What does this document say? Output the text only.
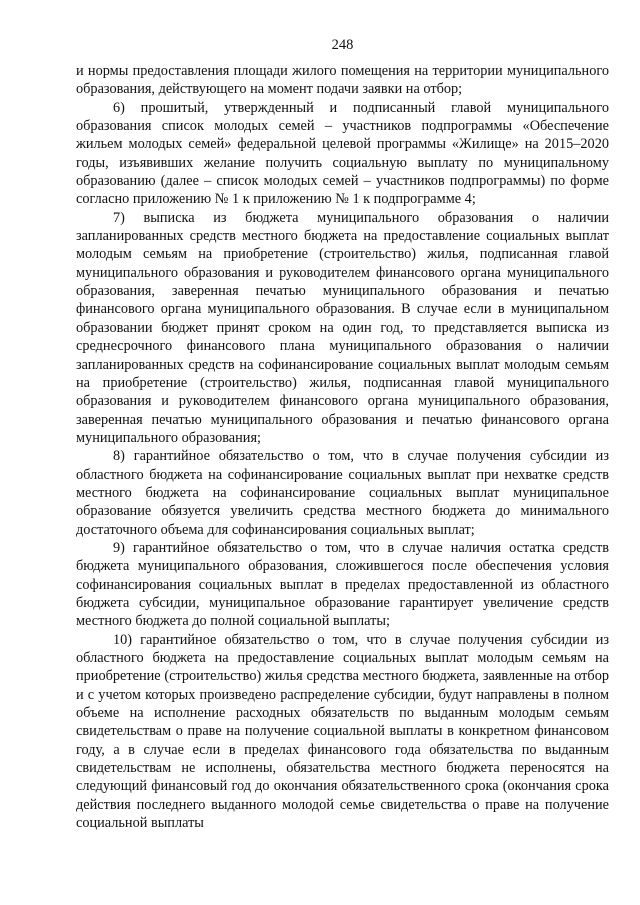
248

и нормы предоставления площади жилого помещения на территории муниципального образования, действующего на момент подачи заявки на отбор;

6) прошитый, утвержденный и подписанный главой муниципального образования список молодых семей – участников подпрограммы «Обеспечение жильем молодых семей» федеральной целевой программы «Жилище» на 2015–2020 годы, изъявивших желание получить социальную выплату по муниципальному образованию (далее – список молодых семей – участников подпрограммы) по форме согласно приложению № 1 к приложению № 1 к подпрограмме 4;

7) выписка из бюджета муниципального образования о наличии запланированных средств местного бюджета на предоставление социальных выплат молодым семьям на приобретение (строительство) жилья, подписанная главой муниципального образования и руководителем финансового органа муниципального образования, заверенная печатью муниципального образования и печатью финансового органа муниципального образования. В случае если в муниципальном образовании бюджет принят сроком на один год, то представляется выписка из среднесрочного финансового плана муниципального образования о наличии запланированных средств на софинансирование социальных выплат молодым семьям на приобретение (строительство) жилья, подписанная главой муниципального образования и руководителем финансового органа муниципального образования, заверенная печатью муниципального образования и печатью финансового органа муниципального образования;

8) гарантийное обязательство о том, что в случае получения субсидии из областного бюджета на софинансирование социальных выплат при нехватке средств местного бюджета на софинансирование социальных выплат муниципальное образование обязуется увеличить средства местного бюджета до минимального достаточного объема для софинансирования социальных выплат;

9) гарантийное обязательство о том, что в случае наличия остатка средств бюджета муниципального образования, сложившегося после обеспечения условия софинансирования социальных выплат в пределах предоставленной из областного бюджета субсидии, муниципальное образование гарантирует увеличение средств местного бюджета до полной социальной выплаты;

10) гарантийное обязательство о том, что в случае получения субсидии из областного бюджета на предоставление социальных выплат молодым семьям на приобретение (строительство) жилья средства местного бюджета, заявленные на отбор и с учетом которых произведено распределение субсидии, будут направлены в полном объеме на исполнение расходных обязательств по выданным молодым семьям свидетельствам о праве на получение социальной выплаты в конкретном финансовом году, а в случае если в пределах финансового года обязательства по выданным свидетельствам не исполнены, обязательства местного бюджета переносятся на следующий финансовый год до окончания обязательственного срока (окончания срока действия последнего выданного молодой семье свидетельства о праве на получение социальной выплаты
